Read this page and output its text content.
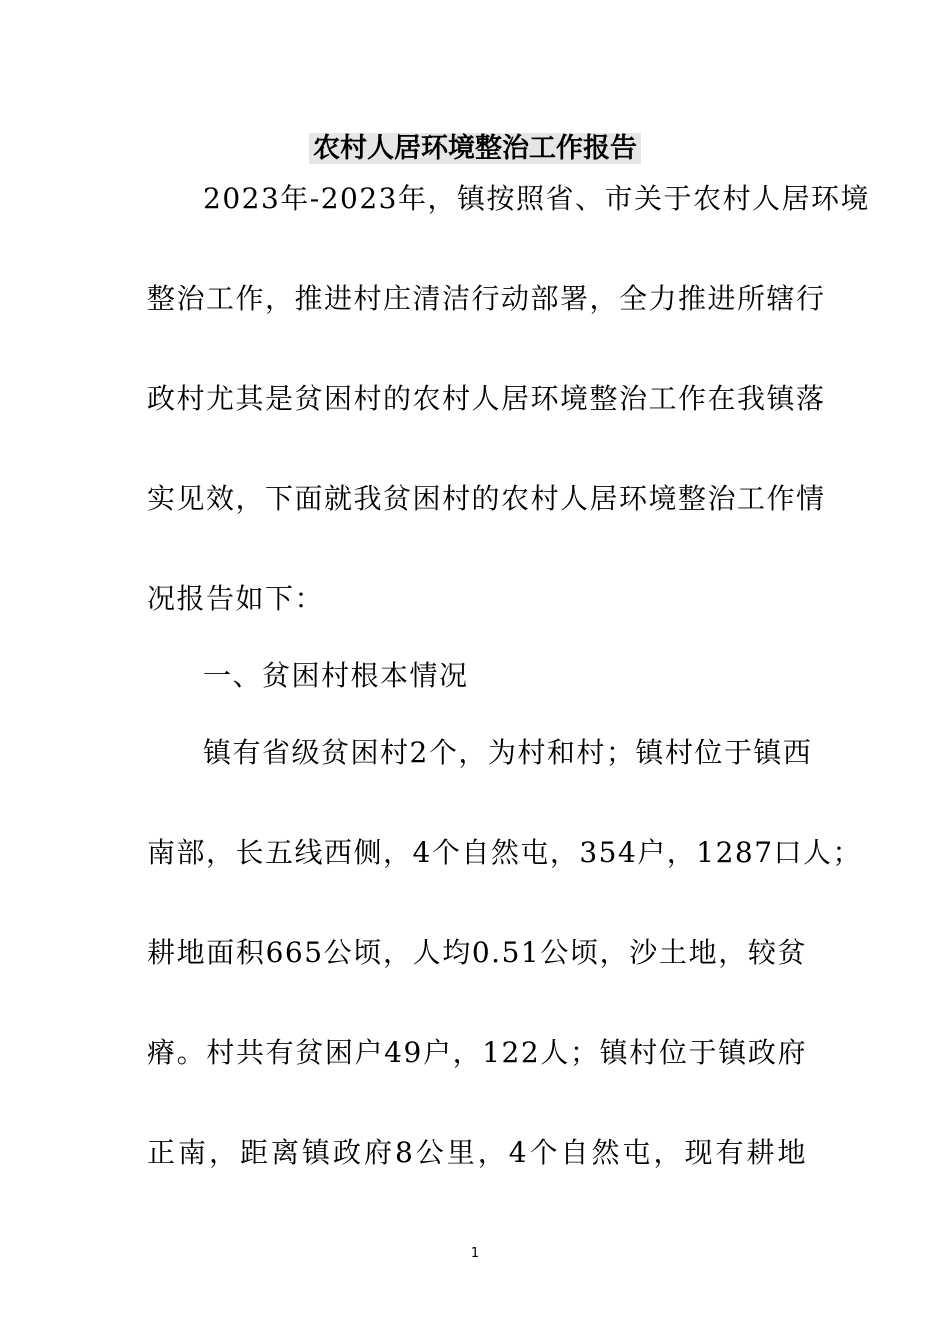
农村人居环境整治工作报告
2023年-2023年，镇按照省、市关于农村人居环境
整治工作，推进村庄清洁行动部署，全力推进所辖行
政村尤其是贫困村的农村人居环境整治工作在我镇落
实见效，下面就我贫困村的农村人居环境整治工作情
况报告如下：
一、贫困村根本情况
镇有省级贫困村2个，为村和村；镇村位于镇西
南部，长五线西侧，4个自然屯，354户，1287口人；
耕地面积665公顷，人均0.51公顷，沙土地，较贫
瘠。村共有贫困户49户，122人；镇村位于镇政府
正南，距离镇政府8公里，4个自然屯，现有耕地
1
